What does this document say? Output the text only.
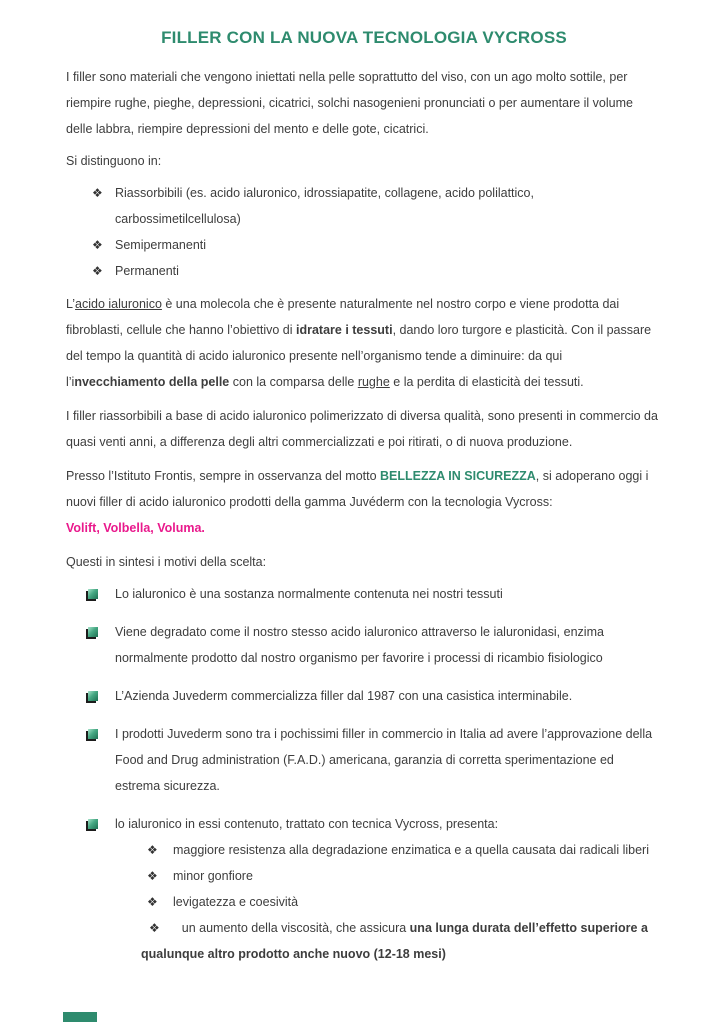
FILLER CON LA NUOVA TECNOLOGIA VYCROSS

I filler sono materiali che vengono iniettati nella pelle soprattutto del viso, con un ago molto sottile, per riempire rughe, pieghe, depressioni, cicatrici, solchi nasogenieni pronunciati o per aumentare il volume delle labbra, riempire depressioni del mento e delle gote, cicatrici.

Si distinguono in:

❖ Riassorbibili (es. acido ialuronico, idrossiapatite, collagene, acido polilattico, carbossimetilcellulosa)
❖ Semipermanenti
❖ Permanenti

L’acido ialuronico è una molecola che è presente naturalmente nel nostro corpo e viene prodotta dai fibroblasti, cellule che hanno l’obiettivo di idratare i tessuti, dando loro turgore e plasticità. Con il passare del tempo la quantità di acido ialuronico presente nell’organismo tende a diminuire: da qui l’invecchiamento della pelle con la comparsa delle rughe e la perdita di elasticità dei tessuti.

I filler riassorbibili a base di acido ialuronico polimerizzato di diversa qualità, sono presenti in commercio da quasi venti anni, a differenza degli altri commercializzati e poi ritirati, o di nuova produzione.

Presso l’Istituto Frontis, sempre in osservanza del motto BELLEZZA IN SICUREZZA, si adoperano oggi i nuovi filler di acido ialuronico prodotti della gamma Juvéderm con la tecnologia Vycross:

Volift, Volbella, Voluma.

Questi in sintesi i motivi della scelta:

Lo ialuronico è una sostanza normalmente contenuta nei nostri tessuti
Viene degradato come il nostro stesso acido ialuronico attraverso le ialuronidasi, enzima normalmente prodotto dal nostro organismo per favorire i processi di ricambio fisiologico
L’Azienda Juvederm commercializza filler dal 1987 con una casistica interminabile.
I prodotti Juvederm sono tra i pochissimi filler in commercio in Italia ad avere l’approvazione della Food and Drug administration (F.A.D.) americana, garanzia di corretta sperimentazione ed estrema sicurezza.
lo ialuronico in essi contenuto, trattato con tecnica Vycross, presenta:
❖	maggiore resistenza alla degradazione enzimatica e a quella causata dai radicali liberi
❖	minor gonfiore
❖	levigatezza e coesività
❖ un aumento della viscosità, che assicura una lunga durata dell’effetto superiore a qualunque altro prodotto anche nuovo (12-18 mesi)
